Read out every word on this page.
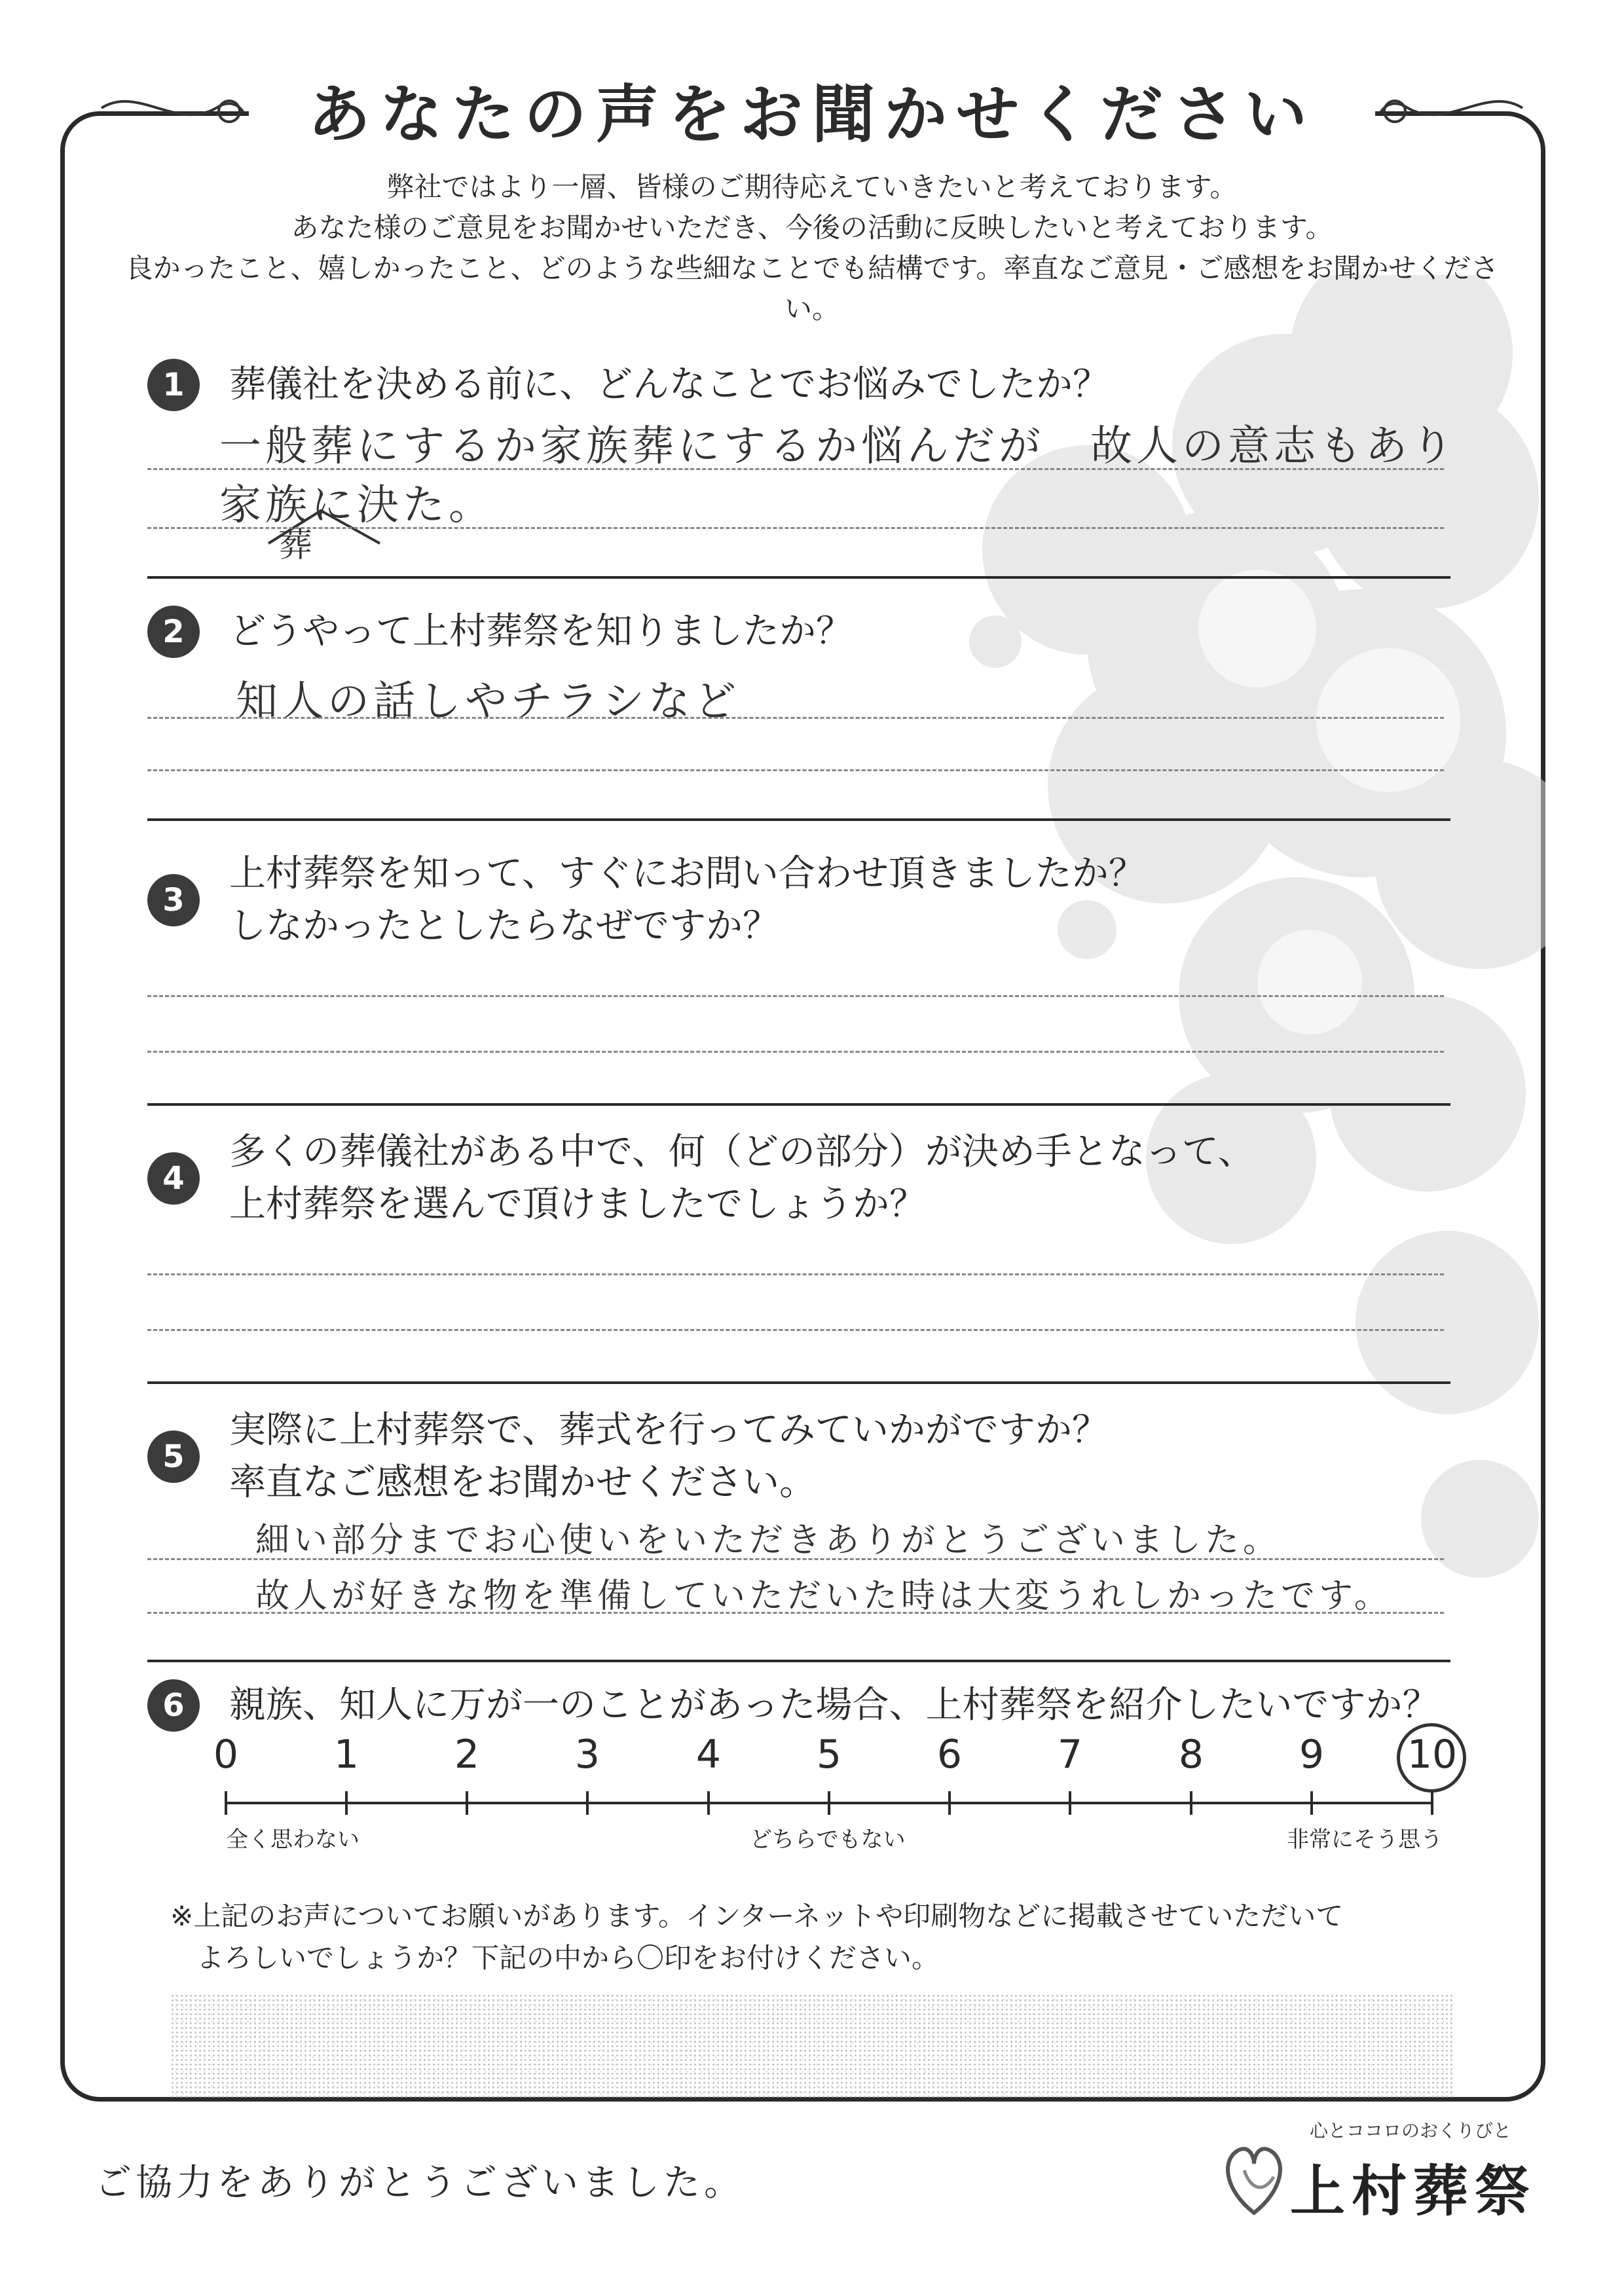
あなたの声をお聞かせください
弊社ではより一層、皆様のご期待応えていきたいと考えております。
あなた様のご意見をお聞かせいただき、今後の活動に反映したいと考えております。
良かったこと、嬉しかったこと、どのような些細なことでも結構です。率直なご意見・ご感想をお聞かせください。
1	葬儀社を決める前に、どんなことでお悩みでしたか？
一般葬にするか家族葬にするか悩んだが　故人の意志もあり
家族に決た。
葬
2	どうやって上村葬祭を知りましたか？
知人の話しやチラシなど
3
上村葬祭を知って、すぐにお問い合わせ頂きましたか？
しなかったとしたらなぜですか？
4
多くの葬儀社がある中で、何（どの部分）が決め手となって、
上村葬祭を選んで頂けましたでしょうか？
5
実際に上村葬祭で、葬式を行ってみていかがですか？
率直なご感想をお聞かせください。
細い部分までお心使いをいただきありがとうございました。
故人が好きな物を準備していただいた時は大変うれしかったです。
6	親族、知人に万が一のことがあった場合、上村葬祭を紹介したいですか？
0	1	2	3	4	5	6	7	8	9	10
全く思わない	どちらでもない	非常にそう思う
※上記のお声についてお願いがあります。インターネットや印刷物などに掲載させていただいて
よろしいでしょうか？下記の中から〇印をお付けください。
ご協力をありがとうございました。
心とココロのおくりびと
上村葬祭
